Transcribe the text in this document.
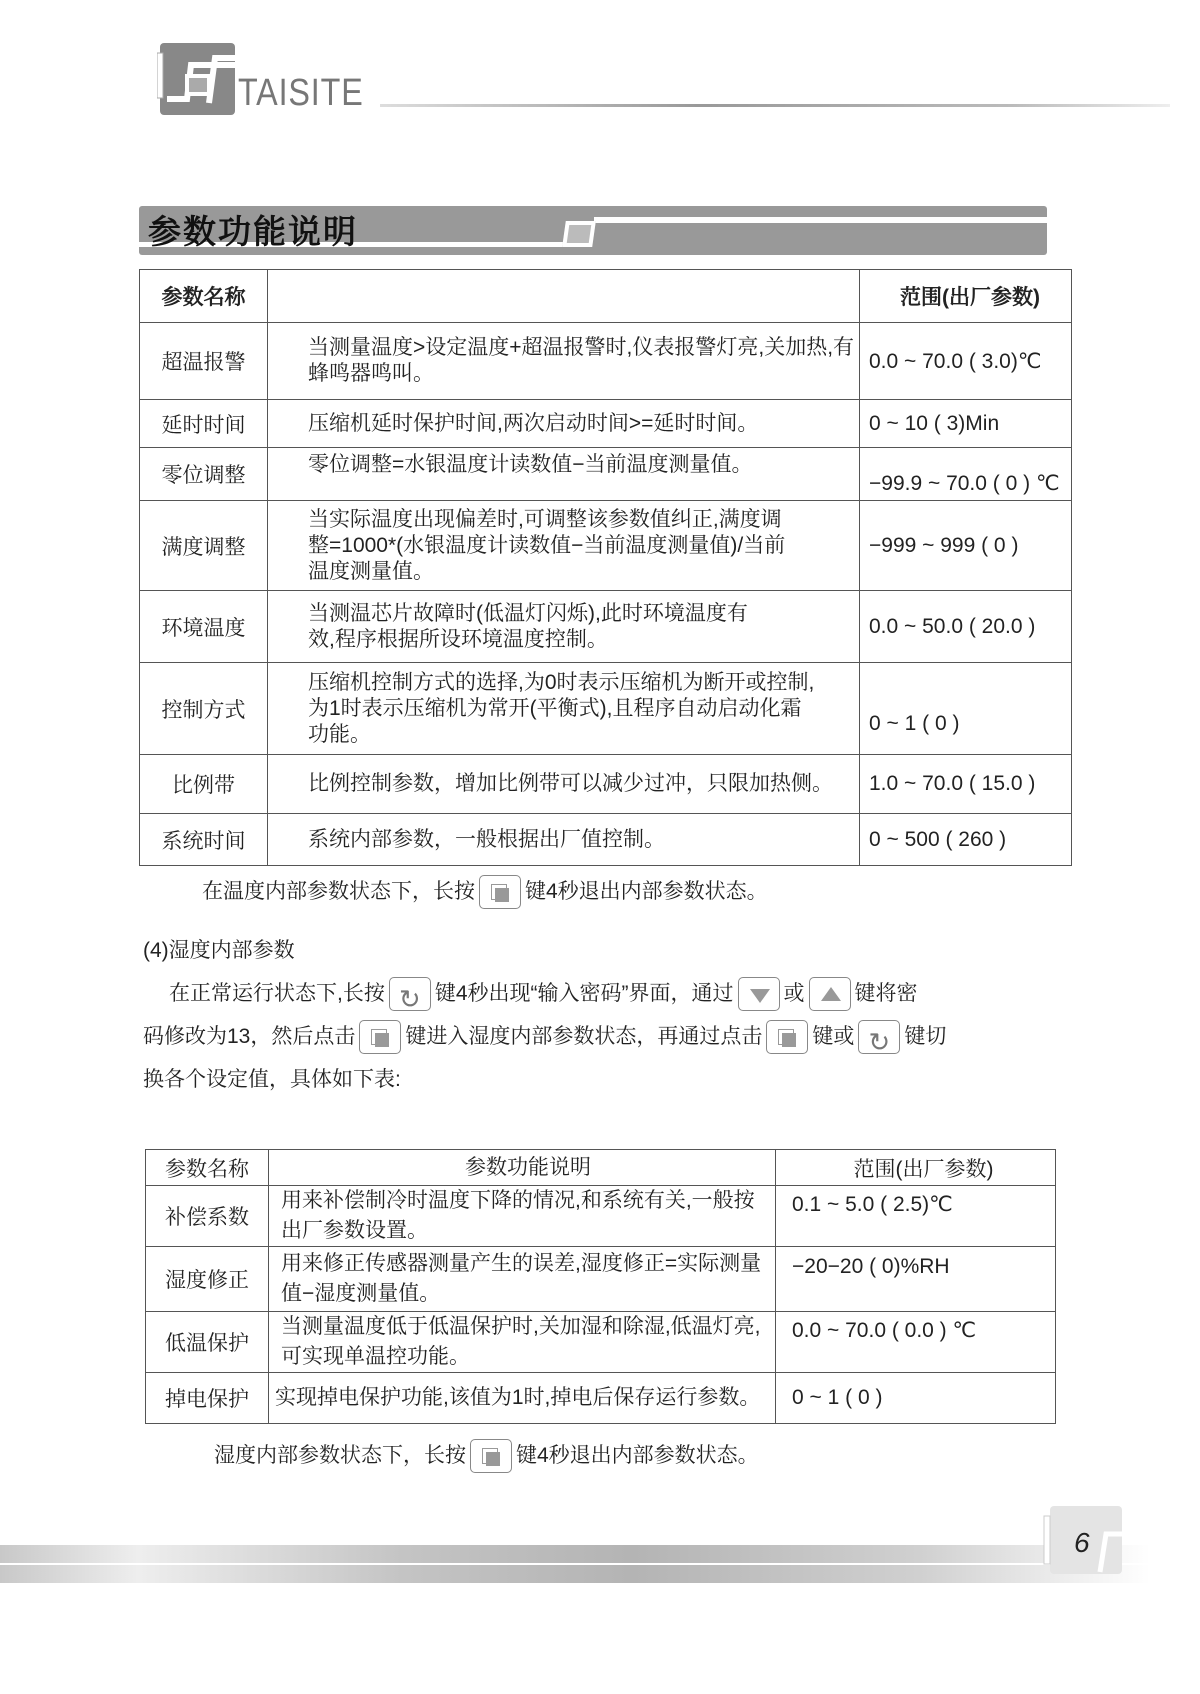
TAISITE
参数功能说明
参数名称		范围(出厂参数)
超温报警	当测量温度>设定温度+超温报警时,仪表报警灯亮,关加热,有蜂鸣器鸣叫。	0.0 ~ 70.0 ( 3.0)℃
延时时间	压缩机延时保护时间,两次启动时间>=延时时间。	0 ~ 10 ( 3)Min
零位调整	零位调整=水银温度计读数值−当前温度测量值。	−99.9 ~ 70.0 ( 0 ) ℃
满度调整	当实际温度出现偏差时,可调整该参数值纠正,满度调整=1000*(水银温度计读数值−当前温度测量值)/当前温度测量值。	−999 ~ 999 ( 0 )
环境温度	当测温芯片故障时(低温灯闪烁),此时环境温度有效,程序根据所设环境温度控制。	0.0 ~ 50.0 ( 20.0 )
控制方式	压缩机控制方式的选择,为0时表示压缩机为断开或控制,为1时表示压缩机为常开(平衡式),且程序自动启动化霜功能。	0 ~ 1 ( 0 )
比例带	比例控制参数，增加比例带可以减少过冲，只限加热侧。	1.0 ~ 70.0 ( 15.0 )
系统时间	系统内部参数，一般根据出厂值控制。	0 ~ 500 ( 260 )
在温度内部参数状态下，长按 键4秒退出内部参数状态。
(4)湿度内部参数
在正常运行状态下,长按 ↻ 键4秒出现“输入密码”界面，通过 或 键将密
码修改为13，然后点击 键进入湿度内部参数状态，再通过点击 键或 ↻ 键切
换各个设定值，具体如下表:
参数名称	参数功能说明	范围(出厂参数)
补偿系数	用来补偿制冷时温度下降的情况,和系统有关,一般按出厂参数设置。	0.1 ~ 5.0 ( 2.5)℃
湿度修正	用来修正传感器测量产生的误差,湿度修正=实际测量值−湿度测量值。	−20−20 ( 0)%RH
低温保护	当测量温度低于低温保护时,关加湿和除湿,低温灯亮,可实现单温控功能。	0.0 ~ 70.0 ( 0.0 ) ℃
掉电保护	实现掉电保护功能,该值为1时,掉电后保存运行参数。	0 ~ 1 ( 0 )
湿度内部参数状态下，长按 键4秒退出内部参数状态。
6
